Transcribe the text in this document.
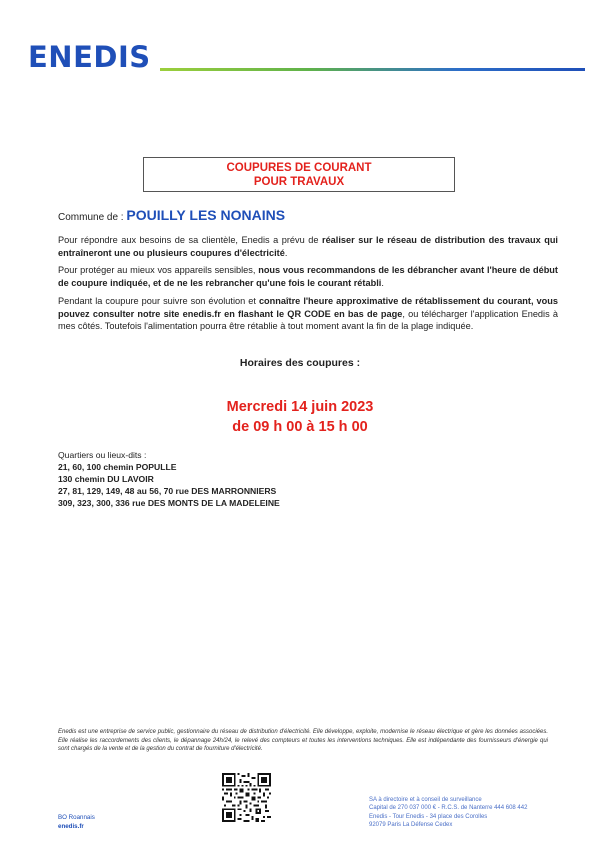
ENEDIS
COUPURES DE COURANT
POUR TRAVAUX
Commune de : POUILLY LES NONAINS

Pour répondre aux besoins de sa clientèle, Enedis a prévu de réaliser sur le réseau de distribution des travaux qui entraîneront une ou plusieurs coupures d'électricité.

Pour protéger au mieux vos appareils sensibles, nous vous recommandons de les débrancher avant l'heure de début de coupure indiquée, et de ne les rebrancher qu'une fois le courant rétabli.

Pendant la coupure pour suivre son évolution et connaître l'heure approximative de rétablissement du courant, vous pouvez consulter notre site enedis.fr en flashant le QR CODE en bas de page, ou télécharger l'application Enedis à mes côtés. Toutefois l'alimentation pourra être rétablie à tout moment avant la fin de la plage indiquée.

Horaires des coupures :
Mercredi 14 juin 2023
de 09 h 00 à 15 h 00
Quartiers ou lieux-dits :
21, 60, 100 chemin POPULLE
130 chemin DU LAVOIR
27, 81, 129, 149, 48 au 56, 70 rue DES MARRONNIERS
309, 323, 300, 336 rue DES MONTS DE LA MADELEINE

Enedis est une entreprise de service public, gestionnaire du réseau de distribution d'électricité. Elle développe, exploite, modernise le réseau électrique et gère les données associées. Elle réalise les raccordements des clients, le dépannage 24h/24, le relevé des compteurs et toutes les interventions techniques. Elle est indépendante des fournisseurs d'énergie qui sont chargés de la vente et de la gestion du contrat de fourniture d'électricité.

BO Roannais
enedis.fr
SA à directoire et à conseil de surveillance
Capital de 270 037 000 € - R.C.S. de Nanterre 444 608 442
Enedis - Tour Enedis - 34 place des Corolles
92079 Paris La Défense Cedex
